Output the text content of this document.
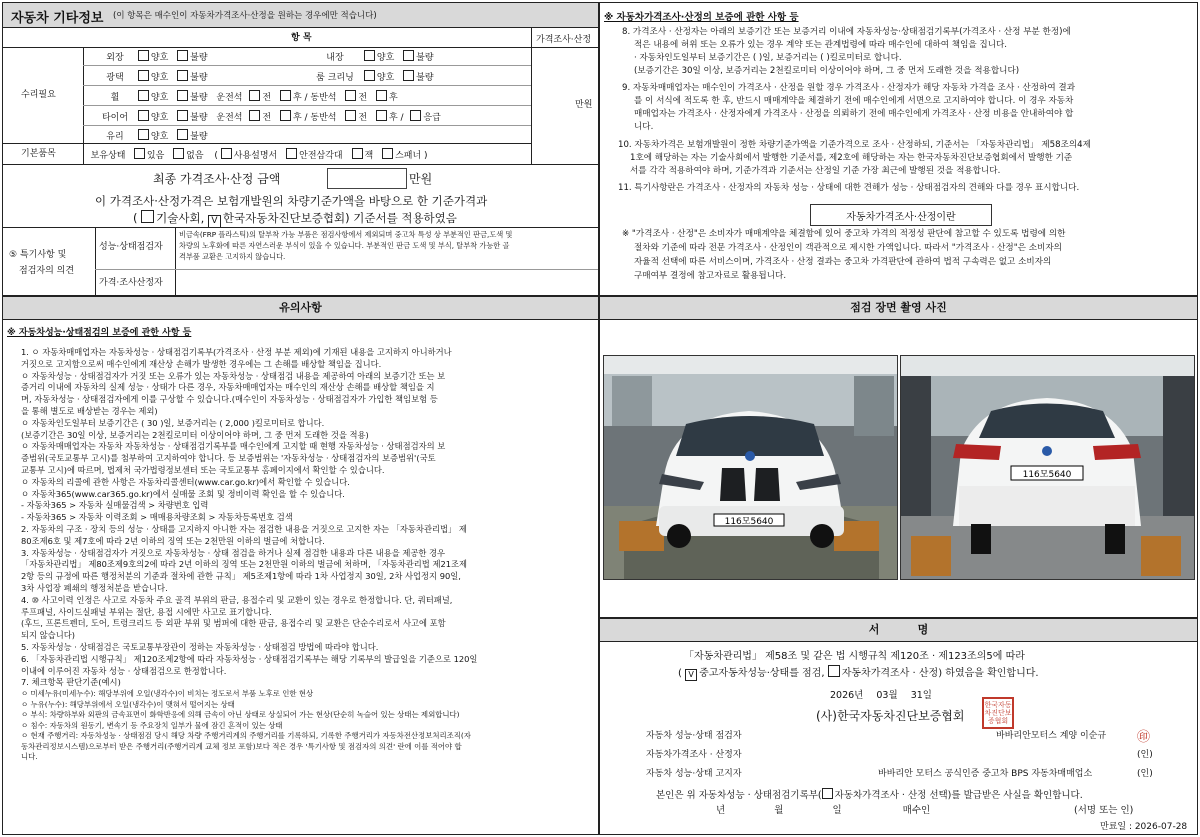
자동차 기타정보 (이 항목은 매수인이 자동차가격조사·산정을 원하는 경우에만 적습니다)
항 목	가격조사·산정
수리필요
만원
외장	양호 불량	내장	양호 불량
광택	양호 불량	룸 크리닝	양호 불량
휠	양호 불량 운전석 전 후 / 동반석 전 후
타이어	양호 불량 운전석 전 후 / 동반석 전 후 / 응급
유리	양호 불량
기본품목	보유상태 있음 없음 ( 사용설명서 안전삼각대 잭 스패너 )
최종 가격조사·산정 금액	만원
이 가격조사·산정가격은 보험개발원의 차량기준가액을 바탕으로 한 기준가격과
( 기술사회, V 한국자동차진단보증협회) 기준서를 적용하였음
⑤ 특기사항 및
점검자의 의견
성능·상태점검자
비금속(FRP 플라스틱)의 탈부착 가능 부품은 점검사항에서 제외되며 중고차 특성 상 부분적인 판금,도색 및
차량의 노후화에 따른 자연스러운 부식이 있을 수 있습니다. 부분적인 판금 도색 및 부식, 탈부착 가능한 골
격부품 교환은 고지하지 않습니다.
가격·조사산정자
※ 자동차가격조사·산정의 보증에 관한 사항 등
8. 가격조사 · 산정자는 아래의 보증기간 또는 보증거리 이내에 자동차성능·상태점검기록부(가격조사 · 산정 부분 한정)에
적은 내용에 허위 또는 오류가 있는 경우 계약 또는 관계법령에 따라 매수인에 대하여 책임을 집니다.
· 자동차인도일부터 보증기간은 ( )일, 보증거리는 ( )킬로미터로 합니다.
(보증기간은 30일 이상, 보증거리는 2천킬로미터 이상이어야 하며, 그 중 먼저 도래한 것을 적용합니다)
9. 자동차매매업자는 매수인이 가격조사 · 산정을 원할 경우 가격조사 · 산정자가 해당 자동차 가격을 조사 · 산정하여 결과
를 이 서식에 적도록 한 후, 반드시 매매계약을 체결하기 전에 매수인에게 서면으로 고지하여야 합니다. 이 경우 자동차
매매업자는 가격조사 · 산정자에게 가격조사 · 산정을 의뢰하기 전에 매수인에게 가격조사 · 산정 비용을 안내하여야 합
니다.
10. 자동차가격은 보험개발원이 정한 차량기준가액을 기준가격으로 조사 · 산정하되, 기준서는 「자동차관리법」 제58조의4제
1호에 해당하는 자는 기술사회에서 발행한 기준서를, 제2호에 해당하는 자는 한국자동차진단보증협회에서 발행한 기준
서를 각각 적용하여야 하며, 기준가격과 기준서는 산정일 기준 가장 최근에 발행된 것을 적용합니다.
11. 특기사항란은 가격조사 · 산정자의 자동차 성능 · 상태에 대한 견해가 성능 · 상태점검자의 견해와 다를 경우 표시합니다.
자동차가격조사·산정이란
※ "가격조사 · 산정"은 소비자가 매매계약을 체결함에 있어 중고차 가격의 적정성 판단에 참고할 수 있도록 법령에 의한
절차와 기준에 따라 전문 가격조사 · 산정인이 객관적으로 제시한 가액입니다. 따라서 "가격조사 · 산정"은 소비자의
자율적 선택에 따른 서비스이며, 가격조사 · 산정 결과는 중고차 가격판단에 관하여 법적 구속력은 없고 소비자의
구매여부 결정에 참고자료로 활용됩니다.
유의사항
※ 자동차성능·상태점검의 보증에 관한 사항 등
1. ㅇ 자동차매매업자는 자동차성능 · 상태점검기록부(가격조사 · 산정 부분 제외)에 기재된 내용을 고지하지 아니하거나
거짓으로 고지함으로써 매수인에게 재산상 손해가 발생한 경우에는 그 손해를 배상할 책임을 집니다.
ㅇ 자동차성능 · 상태점검자가 거짓 또는 오류가 있는 자동차성능 · 상태점검 내용을 제공하여 아래의 보증기간 또는 보
증거리 이내에 자동차의 실제 성능 · 상태가 다른 경우, 자동차매매업자는 매수인의 재산상 손해를 배상할 책임을 지
며, 자동차성능 · 상태점검자에게 이를 구상할 수 있습니다.(매수인이 자동차성능 · 상태점검자가 가입한 책임보험 등
을 통해 별도로 배상받는 경우는 제외)
ㅇ 자동차인도일부터 보증기간은 ( 30 )일, 보증거리는 ( 2,000 )킬로미터로 합니다.
(보증기간은 30일 이상, 보증거리는 2천킬로미터 이상이어야 하며, 그 중 먼저 도래한 것을 적용)
ㅇ 자동차매매업자는 자동차 자동차성능 · 상태점검기록부를 매수인에게 고지할 때 현행 자동차성능 · 상태점검자의 보
증범위(국토교통부 고시)를 첨부하여 고지하여야 합니다. 등 보증범위는 '자동차성능 · 상태점검자의 보증범위'(국토
교통부 고시)에 따르며, 법제처 국가법령정보센터 또는 국토교통부 홈페이지에서 확인할 수 있습니다.
ㅇ 자동차의 리콜에 관한 사항은 자동차리콜센터(www.car.go.kr)에서 확인할 수 있습니다.
ㅇ 자동차365(www.car365.go.kr)에서 실매물 조회 및 정비이력 확인을 할 수 있습니다.
- 자동차365 > 자동차 실매물검색 > 차량번호 입력
- 자동차365 > 자동차 이력조회 > 매매용차량조회 > 자동차등록번호 검색
2. 자동차의 구조 · 장치 등의 성능 · 상태를 고지하지 아니한 자는 점검한 내용을 거짓으로 고지한 자는 「자동차관리법」 제
80조제6호 및 제7호에 따라 2년 이하의 징역 또는 2천만원 이하의 벌금에 처합니다.
3. 자동차성능 · 상태점검자가 거짓으로 자동차성능 · 상태 점검을 하거나 실제 점검한 내용과 다른 내용을 제공한 경우
「자동차관리법」 제80조제9호의2에 따라 2년 이하의 징역 또는 2천만원 이하의 벌금에 처하며, 「자동차관리법 제21조제
2항 등의 규정에 따른 행정처분의 기준과 절차에 관한 규칙」 제5조제1항에 따라 1차 사업정지 30일, 2차 사업정지 90일,
3차 사업장 폐쇄의 행정처분을 받습니다.
4. ⑩ 사고이력 인정은 사고로 자동차 주요 골격 부위의 판금, 용접수리 및 교환이 있는 경우로 한정합니다. 단, 쿼터패널,
루프패널, 사이드실패널 부위는 절단, 용접 시에만 사고로 표기합니다.
(후드, 프론트펜더, 도어, 트렁크리드 등 외판 부위 및 범퍼에 대한 판금, 용접수리 및 교환은 단순수리로서 사고에 포함
되지 않습니다)
5. 자동차성능 · 상태점검은 국토교통부장관이 정하는 자동차성능 · 상태점검 방법에 따라야 합니다.
6. 「자동차관리법 시행규칙」 제120조제2항에 따라 자동차성능 · 상태점검기록부는 해당 기록부의 발급일을 기준으로 120일
이내에 이루어진 자동차 성능 · 상태점검으로 한정합니다.
7. 체크항목 판단기준(예시)
ㅇ 미세누유(미세누수): 해당부위에 오일(냉각수)이 비치는 정도로서 부품 노후로 인한 현상
ㅇ 누유(누수): 해당부위에서 오일(냉각수)이 맺혀서 떨어지는 상태
ㅇ 부식: 차량하부와 외판의 금속표면이 화학반응에 의해 금속이 아닌 상태로 상실되어 가는 현상(단순히 녹슬어 있는 상태는 제외합니다)
ㅇ 침수: 자동차의 원동기, 변속기 등 주요장치 일부가 물에 잠긴 흔적이 있는 상태
ㅇ 현재 주행거리: 자동차성능 · 상태점검 당시 해당 차량 주행거리계의 주행거리를 기록하되, 기록한 주행거리가 자동차전산정보처리조직(자
동차관리정보시스템)으로부터 받은 주행거리(주행거리계 교체 정보 포함)보다 적은 경우 '특기사항 및 점검자의 의견' 란에 이를 적어야 합
니다.
점검 장면 촬영 사진
116모5640
116모5640
서          명
「자동차관리법」 제58조 및 같은 법 시행규칙 제120조 · 제123조의5에 따라
( V 중고자동차성능·상태를 점검, 자동차가격조사 · 산정) 하였음을 확인합니다.
2026년 03월 31일
(사)한국자동차진단보증협회
한국자동차진단보증협회
자동차 성능·상태 점검자	바바리안모터스 계양 이순규 ㊞
자동차가격조사 · 산정자	(인)
자동차 성능·상태 고지자	바바리안 모터스 공식인증 중고차 BPS 자동차매매업소	(인)
본인은 위 자동차성능 · 상태점검기록부( 자동차가격조사 · 산정 선택)를 발급받은 사실을 확인합니다.
년	월	일	매수인	(서명 또는 인)
만료일 : 2026-07-28
